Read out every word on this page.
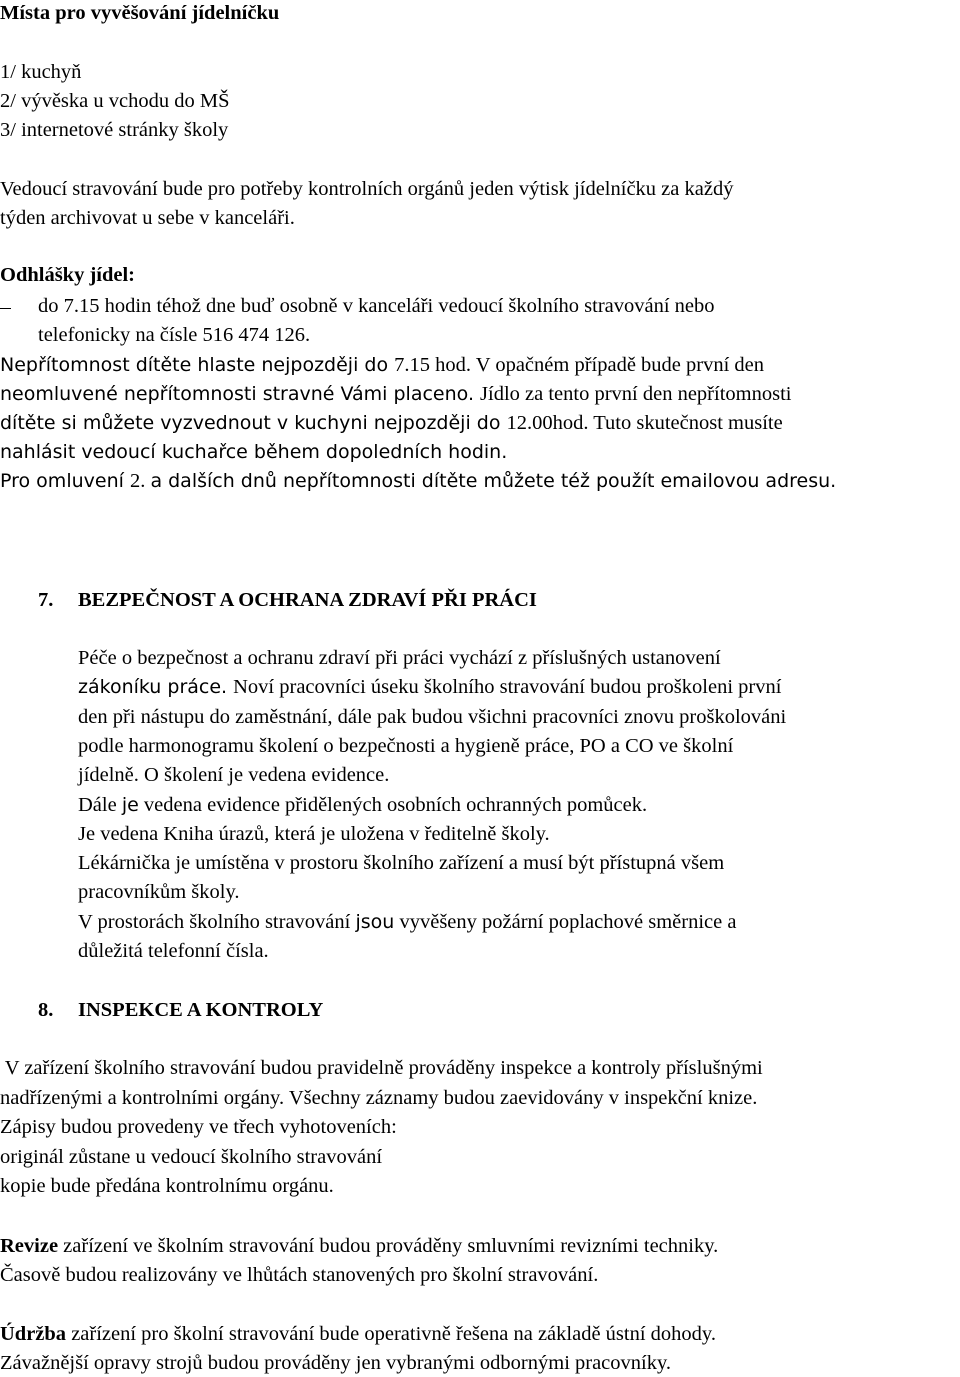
Místa pro vyvěšování jídelníčku
1/ kuchyň
2/ vývěska u vchodu do MŠ
3/ internetové stránky školy
Vedoucí stravování bude pro potřeby kontrolních orgánů jeden výtisk jídelníčku za každý
týden archivovat u sebe v kanceláři.
Odhlášky jídel:
do 7.15 hodin téhož dne buď osobně v kanceláři vedoucí školního stravování nebo
telefonicky na čísle 516 474 126.
Nepřítomnost dítěte hlaste nejpozději do 7.15 hod. V opačném případě bude první den
neomluvené nepřítomnosti stravné Vámi placeno. Jídlo za tento první den nepřítomnosti
dítěte si můžete vyzvednout v kuchyni nejpozději do 12.00hod. Tuto skutečnost musíte
nahlásit vedoucí kuchařce během dopoledních hodin.
Pro omluvení 2. a dalších dnů nepřítomnosti dítěte můžete též použít emailovou adresu.
7. BEZPEČNOST A OCHRANA ZDRAVÍ PŘI PRÁCI
Péče o bezpečnost a ochranu zdraví při práci vychází z příslušných ustanovení
zákoníku práce. Noví pracovníci úseku školního stravování budou proškoleni první
den při nástupu do zaměstnání, dále pak budou všichni pracovníci znovu proškolováni
podle harmonogramu školení o bezpečnosti a hygieně práce, PO a CO ve školní
jídelně. O školení je vedena evidence.
Dále je vedena evidence přidělených osobních ochranných pomůcek.
Je vedena Kniha úrazů, která je uložena v ředitelně školy.
Lékárnička je umístěna v prostoru školního zařízení a musí být přístupná všem
pracovníkům školy.
V prostorách školního stravování jsou vyvěšeny požární poplachové směrnice a
důležitá telefonní čísla.
8. INSPEKCE A KONTROLY
V zařízení školního stravování budou pravidelně prováděny inspekce a kontroly příslušnými
nadřízenými a kontrolními orgány. Všechny záznamy budou zaevidovány v inspekční knize.
Zápisy budou provedeny ve třech vyhotoveních:
originál zůstane u vedoucí školního stravování
kopie bude předána kontrolnímu orgánu.
Revize zařízení ve školním stravování budou prováděny smluvními revizními techniky.
Časově budou realizovány ve lhůtách stanovených pro školní stravování.
Údržba zařízení pro školní stravování bude operativně řešena na základě ústní dohody.
Závažnější opravy strojů budou prováděny jen vybranými odbornými pracovníky.
